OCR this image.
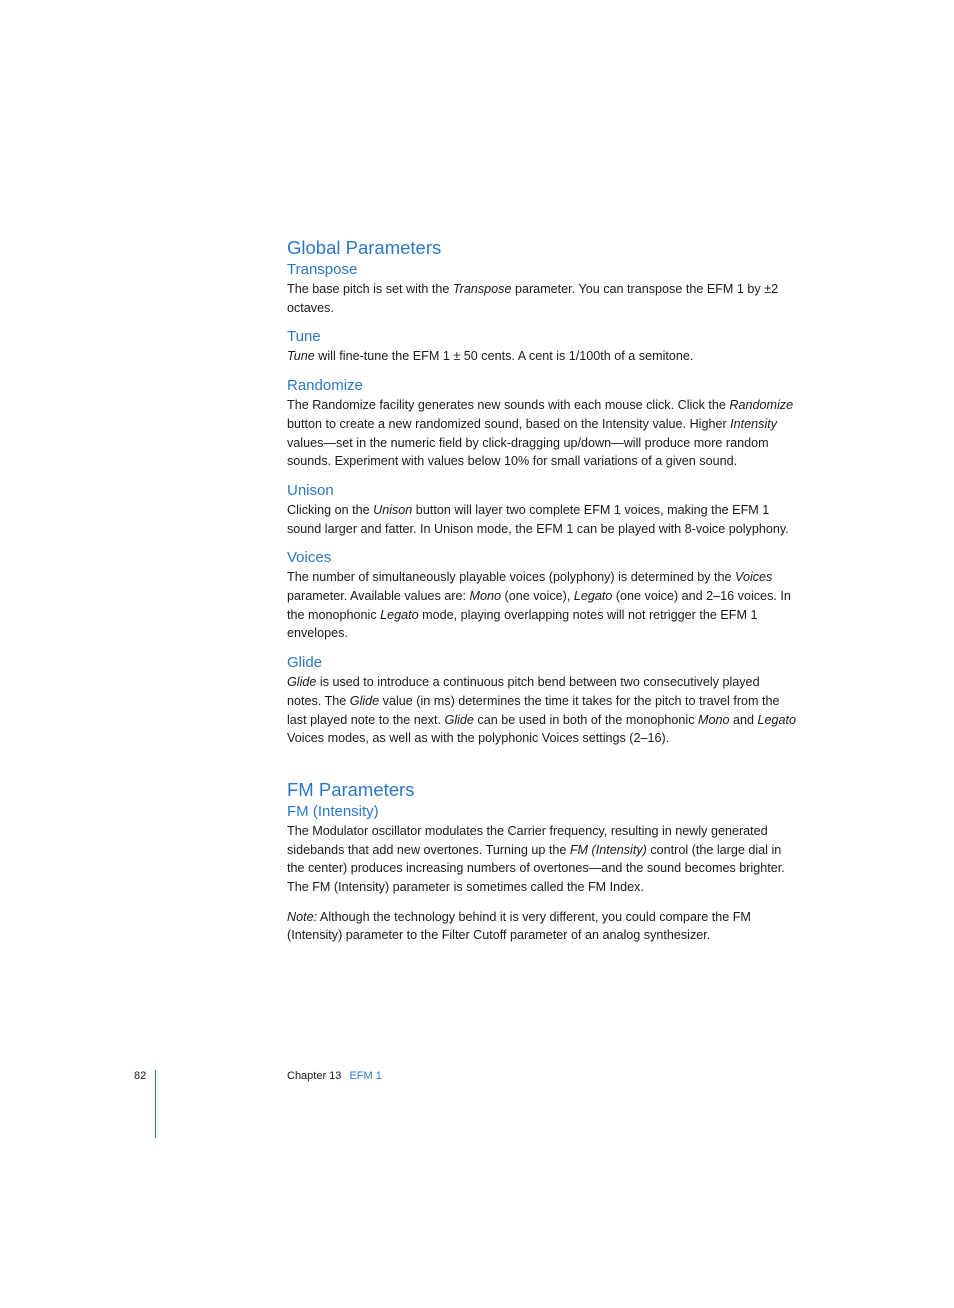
Global Parameters
Transpose

The base pitch is set with the Transpose parameter. You can transpose the EFM 1 by ±2 octaves.

Tune

Tune will fine-tune the EFM 1 ± 50 cents. A cent is 1/100th of a semitone.

Randomize

The Randomize facility generates new sounds with each mouse click. Click the Randomize button to create a new randomized sound, based on the Intensity value. Higher Intensity values—set in the numeric field by click-dragging up/down—will produce more random sounds. Experiment with values below 10% for small variations of a given sound.

Unison

Clicking on the Unison button will layer two complete EFM 1 voices, making the EFM 1 sound larger and fatter. In Unison mode, the EFM 1 can be played with 8-voice polyphony.

Voices

The number of simultaneously playable voices (polyphony) is determined by the Voices parameter. Available values are: Mono (one voice), Legato (one voice) and 2–16 voices. In the monophonic Legato mode, playing overlapping notes will not retrigger the EFM 1 envelopes.

Glide

Glide is used to introduce a continuous pitch bend between two consecutively played notes. The Glide value (in ms) determines the time it takes for the pitch to travel from the last played note to the next. Glide can be used in both of the monophonic Mono and Legato Voices modes, as well as with the polyphonic Voices settings (2–16).

FM Parameters
FM (Intensity)

The Modulator oscillator modulates the Carrier frequency, resulting in newly generated sidebands that add new overtones. Turning up the FM (Intensity) control (the large dial in the center) produces increasing numbers of overtones—and the sound becomes brighter. The FM (Intensity) parameter is sometimes called the FM Index.

Note: Although the technology behind it is very different, you could compare the FM (Intensity) parameter to the Filter Cutoff parameter of an analog synthesizer.

82	Chapter 13 EFM 1
